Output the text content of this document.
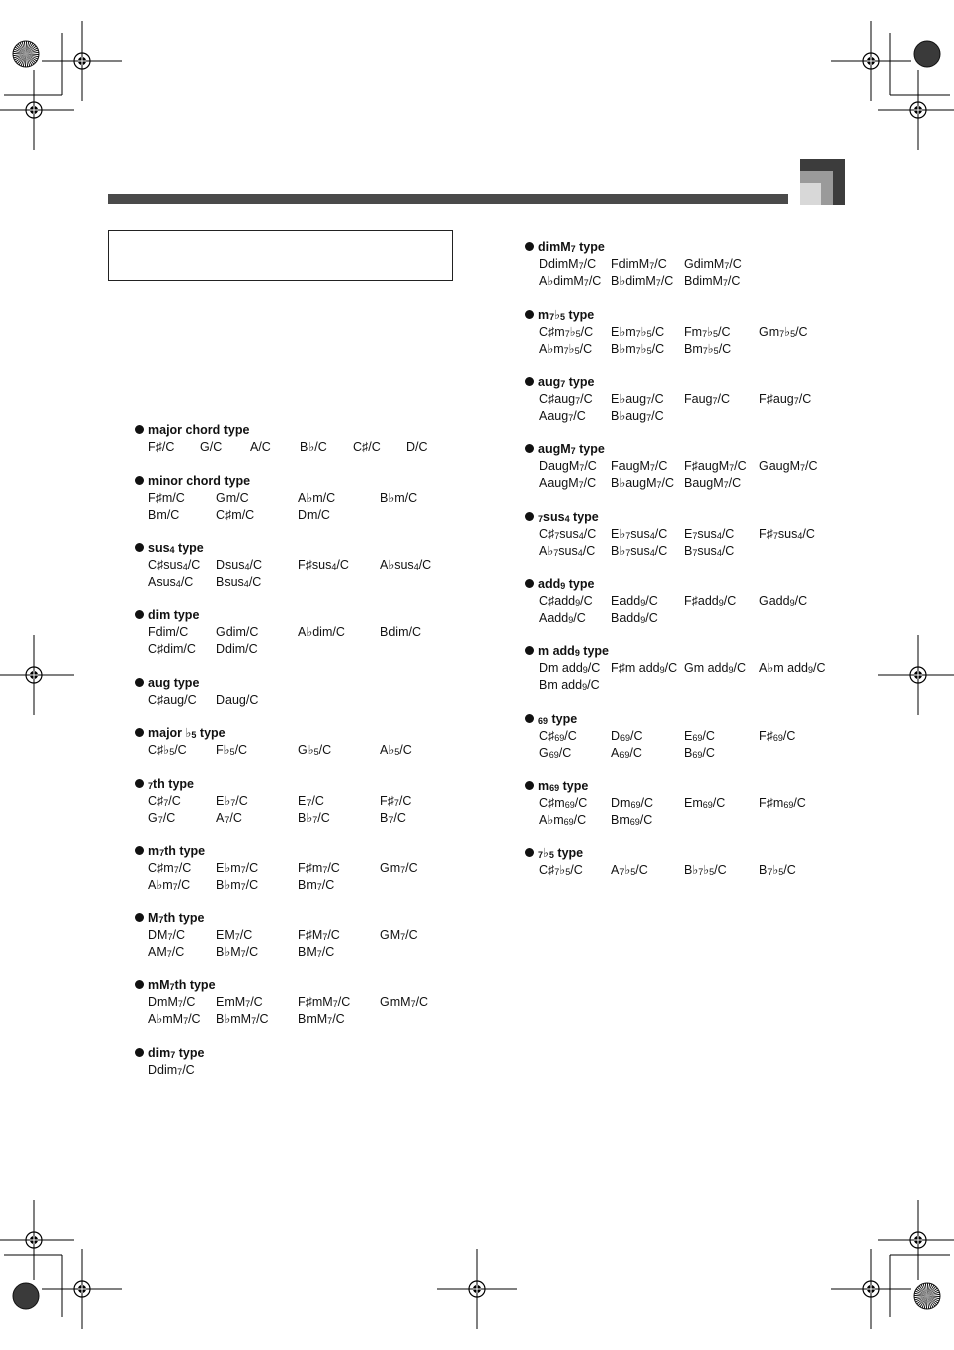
major chord type
F♯/C G/C A/C B♭/C C♯/C D/C
minor chord type
F♯m/C Gm/C	A♭m/C	B♭m/C
Bm/C	C♯m/C	Dm/C
sus$_4$ type
C♯sus$_4$/C Dsus$_4$/C	F♯sus$_4$/C A♭sus$_4$/C
Asus$_4$/C Bsus$_4$/C
dim type
Fdim/C Gdim/C	A♭dim/C	Bdim/C
C♯dim/C Ddim/C
aug type
C♯aug/C Daug/C
major $♭_5$ type
$C♯♭_5/C$ $F♭_5/C$	$G♭_5/C$	$A♭_5/C$
$_7$th type
$C♯_7/C$	$E♭_7/C$	$E_7/C$	$F♯_7/C$
$G_7/C$	$A_7/C$	$B♭_7/C$	$B_7/C$
$m_7th$ type
$C♯m_7/C$ $E♭m_7/C$	$F♯m_7/C$	$Gm_7/C$
$A♭m_7/C$ $B♭m_7/C$	$Bm_7/C$
$M_7th$ type
$DM_7/C$ $EM_7/C$	$F♯M_7/C$	$GM_7/C$
$AM_7/C$	$B♭M_7/C$	$BM_7/C$
$mM_7th$ type
DmM$_7$/C EmM$_7$/C	$F♯mM_7/C$ GmM$_7$/C
$A♭mM_7/C$ $B♭mM_7/C$ BmM$_7$/C
dim$_7$ type
Ddim$_7$/C
dimM$_7$ type
DdimM$_7$/C FdimM$_7$/C GdimM$_7$/C
A♭dimM$_7$/C B♭dimM$_7$/C BdimM$_7$/C
$m_7♭_5$ type
$C♯m_7♭_5/C$ $E♭m_7♭_5/C$ $Fm_7♭_5/C$ $Gm_7♭_5/C$
$A♭m_7♭_5/C$ $B♭m_7♭_5/C$ $Bm_7♭_5/C$
aug$_7$ type
C♯aug$_7$/C E♭aug$_7$/C Faug$_7$/C F♯aug$_7$/C
Aaug$_7$/C B♭aug$_7$/C
augM$_7$ type
DaugM$_7$/C FaugM$_7$/C F♯augM$_7$/C GaugM$_7$/C
AaugM$_7$/C B♭augM$_7$/C BaugM$_7$/C
$_7$sus$_4$ type
$C♯_7sus_4/C$ $E♭_7sus_4/C$ $E_7sus_4/C$ $F♯_7sus_4/C$
$A♭_7sus_4/C$ $B♭_7sus_4/C$ $B_7sus_4/C$
add$_9$ type
C♯add$_9$/C Eadd$_9$/C F♯add$_9$/C Gadd$_9$/C
Aadd$_9$/C Badd$_9$/C
m add$_9$ type
Dm add$_9$/C F♯m add$_9$/C Gm add$_9$/C A♭m add$_9$/C
Bm add$_9$/C
$_{69}$ type
$C♯_{69}/C$	$D_{69}/C$	$E_{69}/C$	$F♯_{69}/C$
$G_{69}/C$	$A_{69}/C$	$B_{69}/C$
$m_{69}$ type
$C♯m_{69}/C$ $Dm_{69}/C$ $Em_{69}/C$	$F♯m_{69}/C$
$A♭m_{69}/C$ $Bm_{69}/C$
$_7♭_5$ type
$C♯_7♭_5/C$ $A_7♭_5/C$	$B♭_7♭_5/C$	$B_7♭_5/C$
